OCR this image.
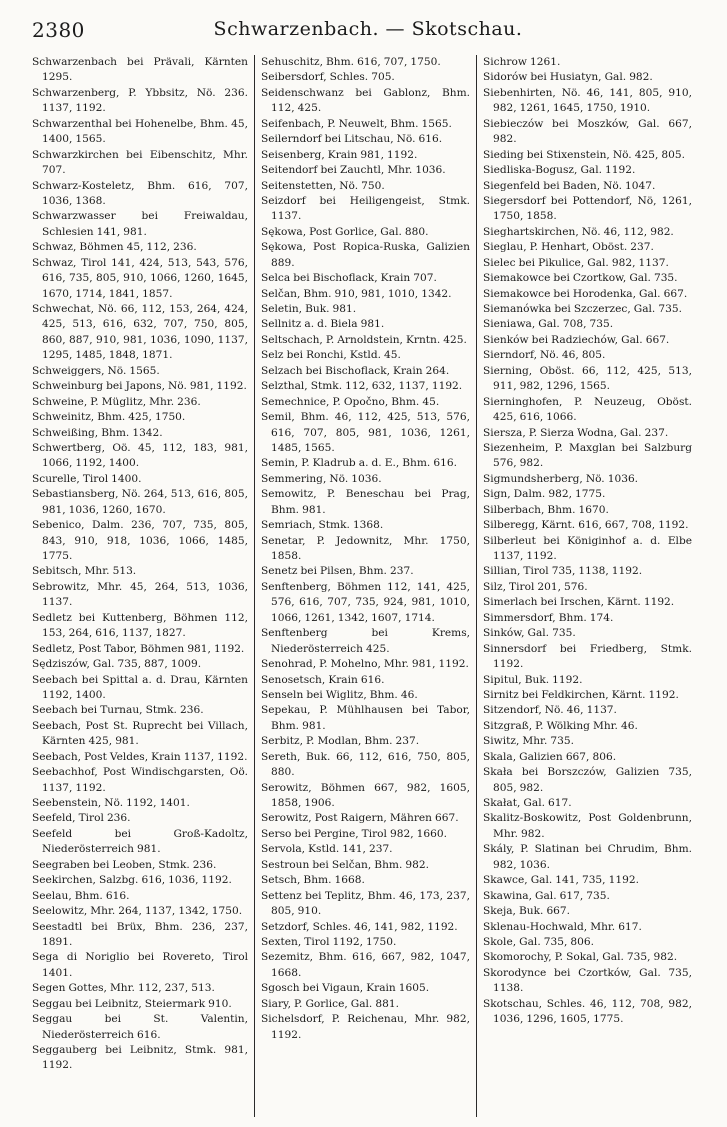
2380	Schwarzenbach. — Skotschau.
Schwarzenbach bei Prävali, Kärnten 1295.
Schwarzenberg, P. Ybbsitz, Nö. 236. 1137, 1192.
Schwarzenthal bei Hohenelbe, Bhm. 45, 1400, 1565.
Schwarzkirchen bei Eibenschitz, Mhr. 707.
Schwarz-Kosteletz, Bhm. 616, 707, 1036, 1368.
Schwarzwasser bei Freiwaldau, Schlesien 141, 981.
Schwaz, Böhmen 45, 112, 236.
Schwaz, Tirol 141, 424, 513, 543, 576, 616, 735, 805, 910, 1066, 1260, 1645, 1670, 1714, 1841, 1857.
Schwechat, Nö. 66, 112, 153, 264, 424, 425, 513, 616, 632, 707, 750, 805, 860, 887, 910, 981, 1036, 1090, 1137, 1295, 1485, 1848, 1871.
Schweiggers, Nö. 1565.
Schweinburg bei Japons, Nö. 981, 1192.
Schweine, P. Müglitz, Mhr. 236.
Schweinitz, Bhm. 425, 1750.
Schweißing, Bhm. 1342.
Schwertberg, Oö. 45, 112, 183, 981, 1066, 1192, 1400.
Scurelle, Tirol 1400.
Sebastiansberg, Nö. 264, 513, 616, 805, 981, 1036, 1260, 1670.
Sebenico, Dalm. 236, 707, 735, 805, 843, 910, 918, 1036, 1066, 1485, 1775.
Sebitsch, Mhr. 513.
Sebrowitz, Mhr. 45, 264, 513, 1036, 1137.
Sedletz bei Kuttenberg, Böhmen 112, 153, 264, 616, 1137, 1827.
Sedletz, Post Tabor, Böhmen 981, 1192.
Sędziszów, Gal. 735, 887, 1009.
Seebach bei Spittal a. d. Drau, Kärnten 1192, 1400.
Seebach bei Turnau, Stmk. 236.
Seebach, Post St. Ruprecht bei Villach, Kärnten 425, 981.
Seebach, Post Veldes, Krain 1137, 1192.
Seebachhof, Post Windischgarsten, Oö. 1137, 1192.
Seebenstein, Nö. 1192, 1401.
Seefeld, Tirol 236.
Seefeld bei Groß-Kadoltz, Niederösterreich 981.
Seegraben bei Leoben, Stmk. 236.
Seekirchen, Salzbg. 616, 1036, 1192.
Seelau, Bhm. 616.
Seelowitz, Mhr. 264, 1137, 1342, 1750.
Seestadtl bei Brüx, Bhm. 236, 237, 1891.
Sega di Noriglio bei Rovereto, Tirol 1401.
Segen Gottes, Mhr. 112, 237, 513.
Seggau bei Leibnitz, Steiermark 910.
Seggau bei St. Valentin, Niederösterreich 616.
Seggauberg bei Leibnitz, Stmk. 981, 1192.
Sehuschitz, Bhm. 616, 707, 1750.
Seibersdorf, Schles. 705.
Seidenschwanz bei Gablonz, Bhm. 112, 425.
Seifenbach, P. Neuwelt, Bhm. 1565.
Seilerndorf bei Litschau, Nö. 616.
Seisenberg, Krain 981, 1192.
Seitendorf bei Zauchtl, Mhr. 1036.
Seitenstetten, Nö. 750.
Seizdorf bei Heiligengeist, Stmk. 1137.
Sękowa, Post Gorlice, Gal. 880.
Sękowa, Post Ropica-Ruska, Galizien 889.
Selca bei Bischoflack, Krain 707.
Selčan, Bhm. 910, 981, 1010, 1342.
Seletin, Buk. 981.
Sellnitz a. d. Biela 981.
Seltschach, P. Arnoldstein, Krntn. 425.
Selz bei Ronchi, Kstld. 45.
Selzach bei Bischoflack, Krain 264.
Selzthal, Stmk. 112, 632, 1137, 1192.
Semechnice, P. Opočno, Bhm. 45.
Semil, Bhm. 46, 112, 425, 513, 576, 616, 707, 805, 981, 1036, 1261, 1485, 1565.
Semin, P. Kladrub a. d. E., Bhm. 616.
Semmering, Nö. 1036.
Semowitz, P. Beneschau bei Prag, Bhm. 981.
Semriach, Stmk. 1368.
Senetar, P. Jedownitz, Mhr. 1750, 1858.
Senetz bei Pilsen, Bhm. 237.
Senftenberg, Böhmen 112, 141, 425, 576, 616, 707, 735, 924, 981, 1010, 1066, 1261, 1342, 1607, 1714.
Senftenberg bei Krems, Niederösterreich 425.
Senohrad, P. Mohelno, Mhr. 981, 1192.
Senosetsch, Krain 616.
Senseln bei Wiglitz, Bhm. 46.
Sepekau, P. Mühlhausen bei Tabor, Bhm. 981.
Serbitz, P. Modlan, Bhm. 237.
Sereth, Buk. 66, 112, 616, 750, 805, 880.
Serowitz, Böhmen 667, 982, 1605, 1858, 1906.
Serowitz, Post Raigern, Mähren 667.
Serso bei Pergine, Tirol 982, 1660.
Servola, Kstld. 141, 237.
Sestroun bei Selčan, Bhm. 982.
Setsch, Bhm. 1668.
Settenz bei Teplitz, Bhm. 46, 173, 237, 805, 910.
Setzdorf, Schles. 46, 141, 982, 1192.
Sexten, Tirol 1192, 1750.
Sezemitz, Bhm. 616, 667, 982, 1047, 1668.
Sgosch bei Vigaun, Krain 1605.
Siary, P. Gorlice, Gal. 881.
Sichelsdorf, P. Reichenau, Mhr. 982, 1192.
Sichrow 1261.
Sidorów bei Husiatyn, Gal. 982.
Siebenhirten, Nö. 46, 141, 805, 910, 982, 1261, 1645, 1750, 1910.
Siebieczów bei Moszków, Gal. 667, 982.
Sieding bei Stixenstein, Nö. 425, 805.
Siedliska-Bogusz, Gal. 1192.
Siegenfeld bei Baden, Nö. 1047.
Siegersdorf bei Pottendorf, Nö, 1261, 1750, 1858.
Sieghartskirchen, Nö. 46, 112, 982.
Sieglau, P. Henhart, Oböst. 237.
Sielec bei Pikulice, Gal. 982, 1137.
Siemakowce bei Czortkow, Gal. 735.
Siemakowce bei Horodenka, Gal. 667.
Siemanówka bei Szczerzec, Gal. 735.
Sieniawa, Gal. 708, 735.
Sienków bei Radziechów, Gal. 667.
Sierndorf, Nö. 46, 805.
Sierning, Oböst. 66, 112, 425, 513, 911, 982, 1296, 1565.
Sierninghofen, P. Neuzeug, Oböst. 425, 616, 1066.
Siersza, P. Sierza Wodna, Gal. 237.
Siezenheim, P. Maxglan bei Salzburg 576, 982.
Sigmundsherberg, Nö. 1036.
Sign, Dalm. 982, 1775.
Silberbach, Bhm. 1670.
Silberegg, Kärnt. 616, 667, 708, 1192.
Silberleut bei Königinhof a. d. Elbe 1137, 1192.
Sillian, Tirol 735, 1138, 1192.
Silz, Tirol 201, 576.
Simerlach bei Irschen, Kärnt. 1192.
Simmersdorf, Bhm. 174.
Sinków, Gal. 735.
Sinnersdorf bei Friedberg, Stmk. 1192.
Sipitul, Buk. 1192.
Sirnitz bei Feldkirchen, Kärnt. 1192.
Sitzendorf, Nö. 46, 1137.
Sitzgraß, P. Wölking Mhr. 46.
Siwitz, Mhr. 735.
Skala, Galizien 667, 806.
Skała bei Borszczów, Galizien 735, 805, 982.
Skałat, Gal. 617.
Skalitz-Boskowitz, Post Goldenbrunn, Mhr. 982.
Skály, P. Slatinan bei Chrudim, Bhm. 982, 1036.
Skawce, Gal. 141, 735, 1192.
Skawina, Gal. 617, 735.
Skeja, Buk. 667.
Sklenau-Hochwald, Mhr. 617.
Skole, Gal. 735, 806.
Skomorochy, P. Sokal, Gal. 735, 982.
Skorodynce bei Czortków, Gal. 735, 1138.
Skotschau, Schles. 46, 112, 708, 982, 1036, 1296, 1605, 1775.
